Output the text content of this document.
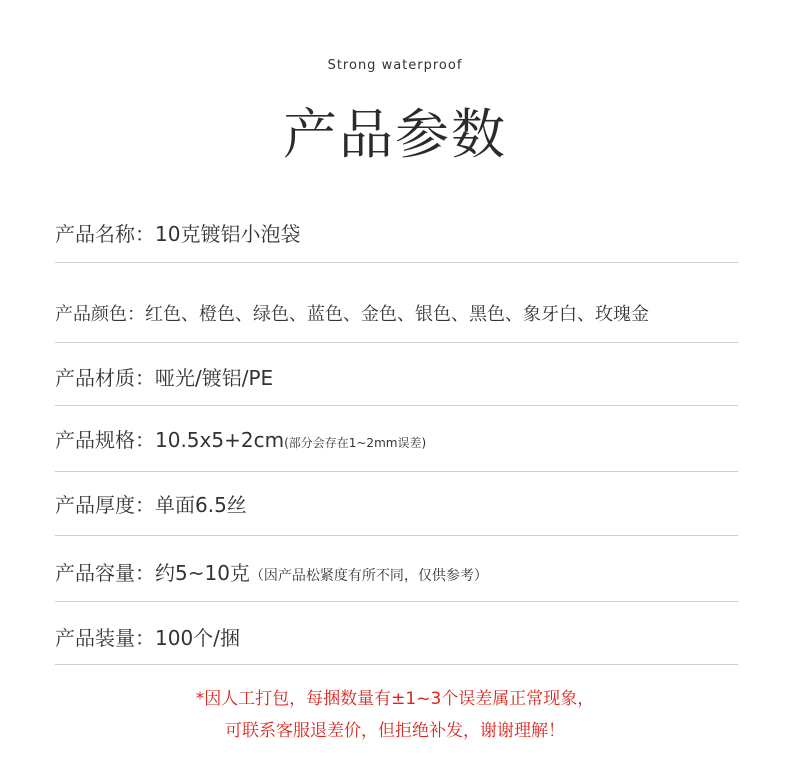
Strong waterproof
产品参数
产品名称：10克镀铝小泡袋
产品颜色：红色、橙色、绿色、蓝色、金色、银色、黑色、象牙白、玫瑰金
产品材质：哑光/镀铝/PE
产品规格：10.5x5+2cm(部分会存在1~2mm误差)
产品厚度：单面6.5丝
产品容量：约5~10克（因产品松紧度有所不同，仅供参考）
产品装量：100个/捆
*因人工打包，每捆数量有±1~3个误差属正常现象，
可联系客服退差价，但拒绝补发，谢谢理解！
